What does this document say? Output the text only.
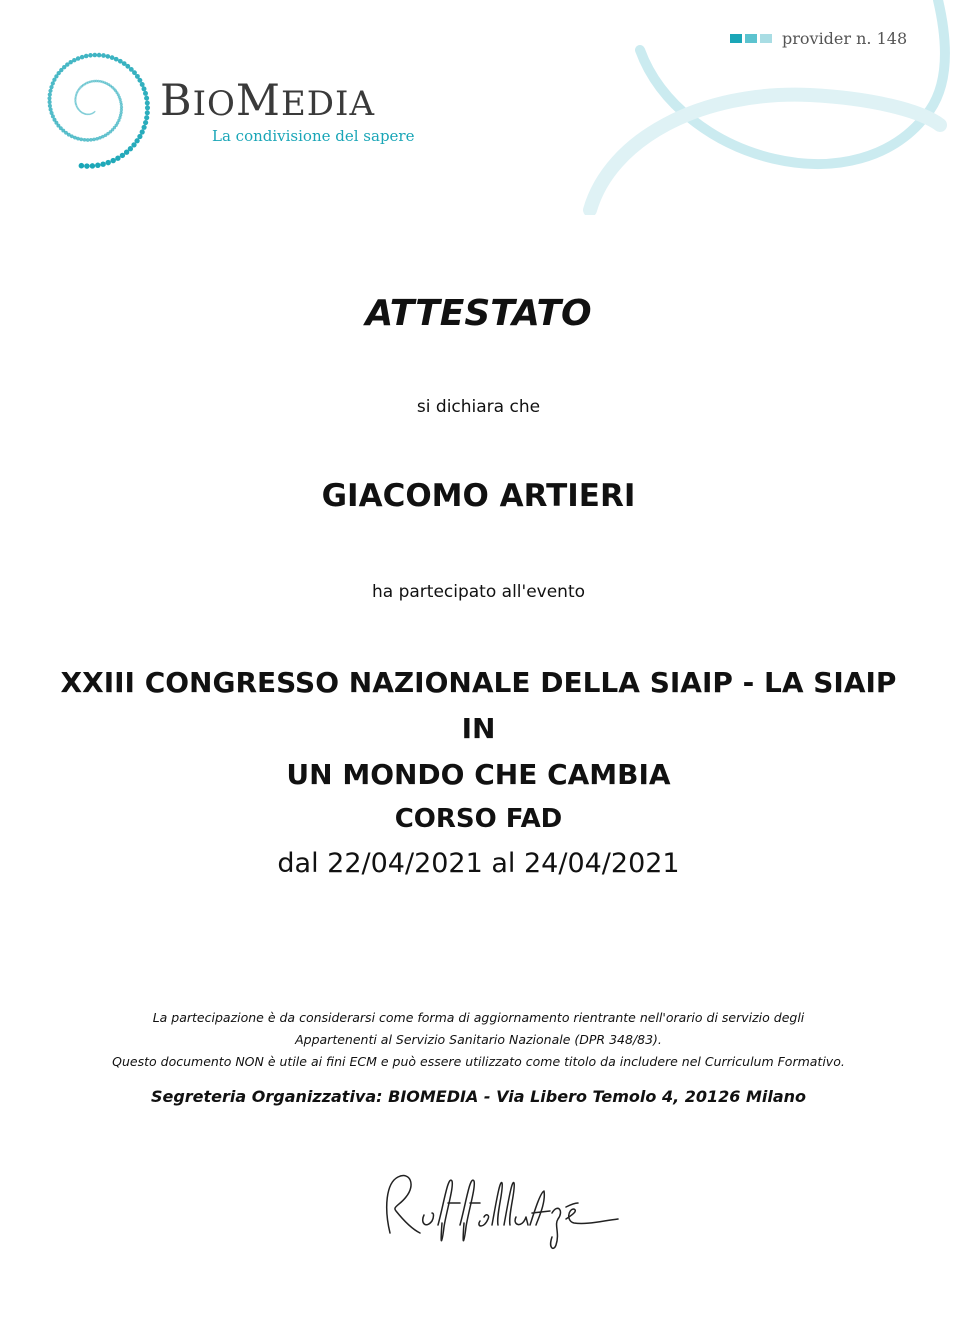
BIOMEDIA
La condivisione del sapere
provider n. 148
ATTESTATO
si dichiara che
GIACOMO ARTIERI
ha partecipato all'evento
XXIII CONGRESSO NAZIONALE DELLA SIAIP - LA SIAIP IN
UN MONDO CHE CAMBIA
CORSO FAD
dal 22/04/2021 al 24/04/2021
La partecipazione è da considerarsi come forma di aggiornamento rientrante nell'orario di servizio degli
Appartenenti al Servizio Sanitario Nazionale (DPR 348/83).
Questo documento NON è utile ai fini ECM e può essere utilizzato come titolo da includere nel Curriculum Formativo.
Segreteria Organizzativa: BIOMEDIA - Via Libero Temolo 4, 20126 Milano
